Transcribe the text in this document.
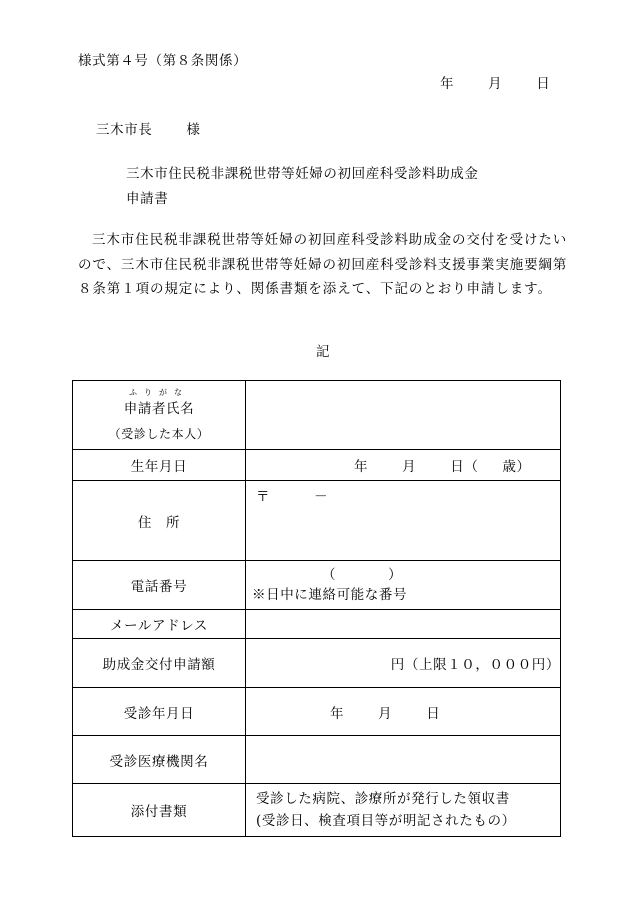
様式第４号（第８条関係）
年	月	日
三木市長	様
三木市住民税非課税世帯等妊婦の初回産科受診料助成金
申請書
三木市住民税非課税世帯等妊婦の初回産科受診料助成金の交付を受けたいので、三木市住民税非課税世帯等妊婦の初回産科受診料支援事業実施要綱第８条第１項の規定により、関係書類を添えて、下記のとおり申請します。
記
ふりがな
申請者氏名
（受診した本人）	

生年月日	年 月 日（ 歳）

住　所	〒 －

電話番号	（ ）
※日中に連絡可能な番号

メールアドレス	
助成金交付申請額	円（上限１０，０００円）
受診年月日	年 月 日

受診医療機関名	
添付書類	受診した病院、診療所が発行した領収書
(受診日、検査項目等が明記されたもの）
